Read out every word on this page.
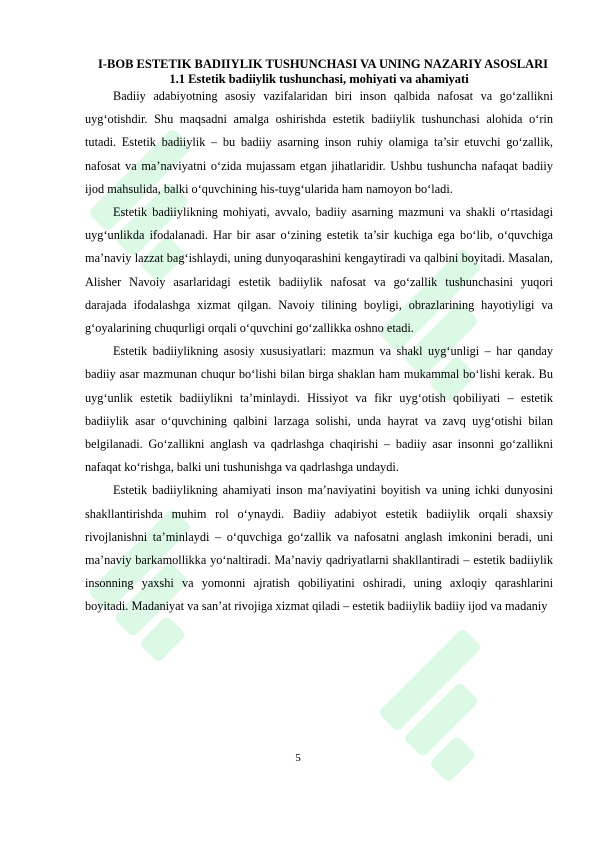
I-BOB ESTETIK BADIIYLIK TUSHUNCHASI VA UNING NAZARIY ASOSLARI
1.1 Estetik badiiylik tushunchasi, mohiyati va ahamiyati

Badiiy adabiyotning asosiy vazifalaridan biri inson qalbida nafosat va go‘zallikni uyg‘otishdir. Shu maqsadni amalga oshirishda estetik badiiylik tushunchasi alohida o‘rin tutadi. Estetik badiiylik – bu badiiy asarning inson ruhiy olamiga ta’sir etuvchi go‘zallik, nafosat va ma’naviyatni o‘zida mujassam etgan jihatlaridir. Ushbu tushuncha nafaqat badiiy ijod mahsulida, balki o‘quvchining his-tuyg‘ularida ham namoyon bo‘ladi.

Estetik badiiylikning mohiyati, avvalo, badiiy asarning mazmuni va shakli o‘rtasidagi uyg‘unlikda ifodalanadi. Har bir asar o‘zining estetik ta’sir kuchiga ega bo‘lib, o‘quvchiga ma’naviy lazzat bag‘ishlaydi, uning dunyoqarashini kengaytiradi va qalbini boyitadi. Masalan, Alisher Navoiy asarlaridagi estetik badiiylik nafosat va go‘zallik tushunchasini yuqori darajada ifodalashga xizmat qilgan. Navoiy tilining boyligi, obrazlarining hayotiyligi va g‘oyalarining chuqurligi orqali o‘quvchini go‘zallikka oshno etadi.

Estetik badiiylikning asosiy xususiyatlari: mazmun va shakl uyg‘unligi – har qanday badiiy asar mazmunan chuqur bo‘lishi bilan birga shaklan ham mukammal bo‘lishi kerak. Bu uyg‘unlik estetik badiiylikni ta’minlaydi. Hissiyot va fikr uyg‘otish qobiliyati – estetik badiiylik asar o‘quvchining qalbini larzaga solishi, unda hayrat va zavq uyg‘otishi bilan belgilanadi. Go‘zallikni anglash va qadrlashga chaqirishi – badiiy asar insonni go‘zallikni nafaqat ko‘rishga, balki uni tushunishga va qadrlashga undaydi.

Estetik badiiylikning ahamiyati inson ma’naviyatini boyitish va uning ichki dunyosini shakllantirishda muhim rol o‘ynaydi. Badiiy adabiyot estetik badiiylik orqali shaxsiy rivojlanishni ta’minlaydi – o‘quvchiga go‘zallik va nafosatni anglash imkonini beradi, uni ma’naviy barkamollikka yo‘naltiradi. Ma’naviy qadriyatlarni shakllantiradi – estetik badiiylik insonning yaxshi va yomonni ajratish qobiliyatini oshiradi, uning axloqiy qarashlarini boyitadi. Madaniyat va san’at rivojiga xizmat qiladi – estetik badiiylik badiiy ijod va madaniy

5
